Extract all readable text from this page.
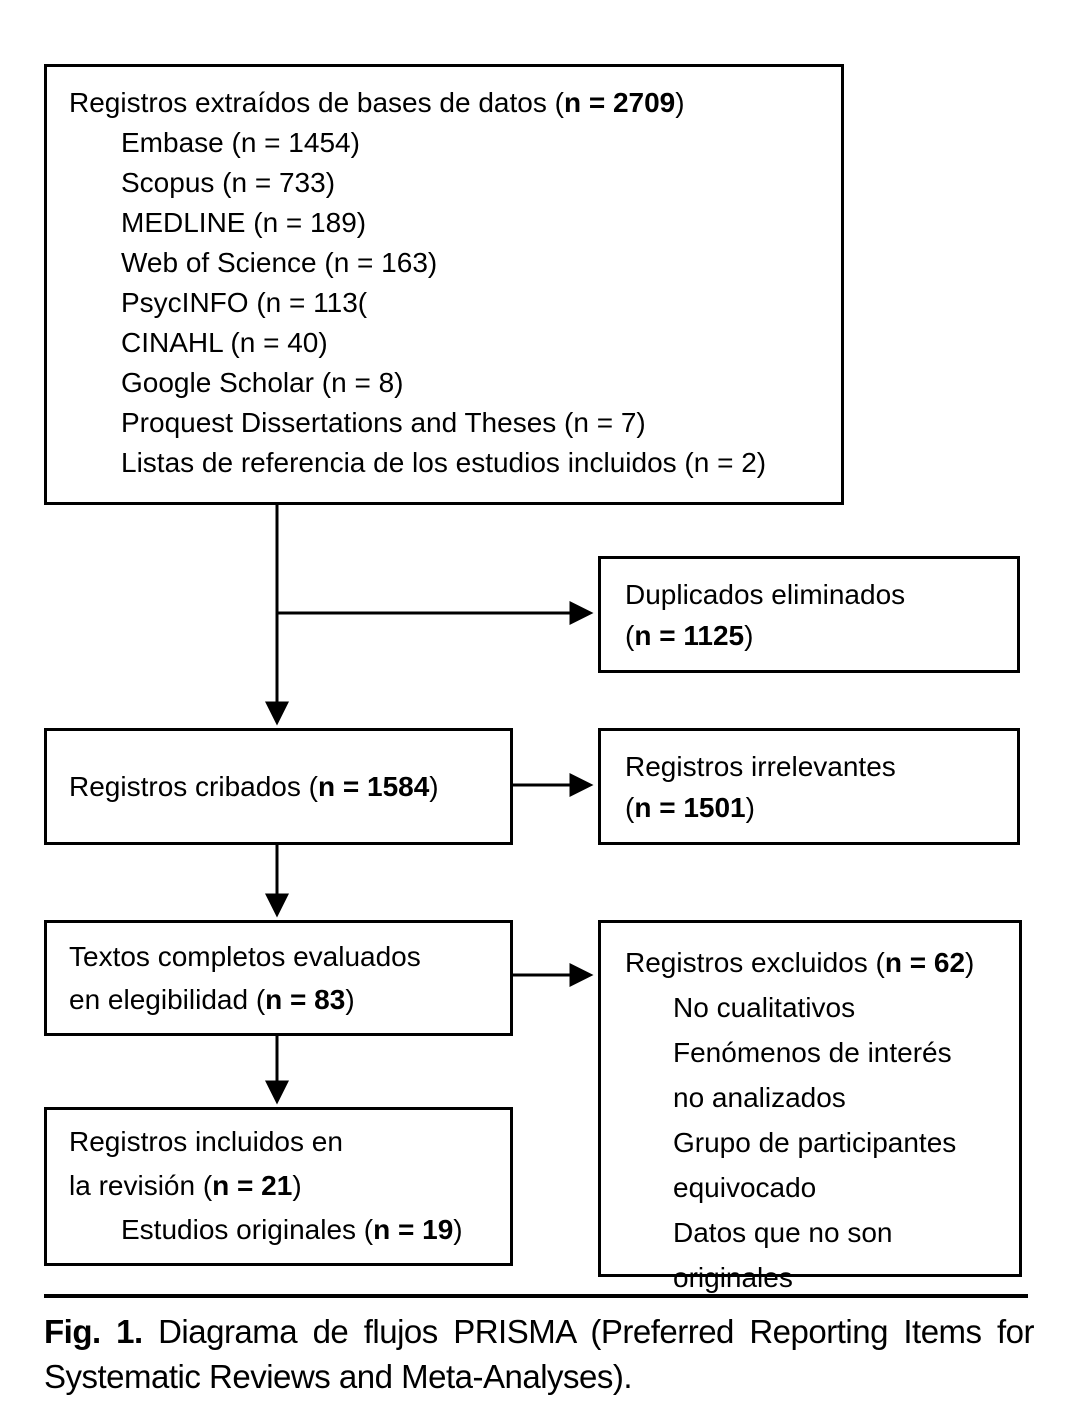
Registros extraídos de bases de datos (n = 2709)
Embase (n = 1454)
Scopus (n = 733)
MEDLINE (n = 189)
Web of Science (n = 163)
PsycINFO (n = 113(
CINAHL (n = 40)
Google Scholar (n = 8)
Proquest Dissertations and Theses (n = 7)
Listas de referencia de los estudios incluidos (n = 2)
Duplicados eliminados
(n = 1125)
Registros cribados (n = 1584)
Registros irrelevantes
(n = 1501)
Textos completos evaluados
en elegibilidad (n = 83)
Registros excluidos (n = 62)
No cualitativos
Fenómenos de interés
no analizados
Grupo de participantes
equivocado
Datos que no son
originales
Registros incluidos en
la revisión (n = 21)
Estudios originales (n = 19)
Fig. 1. Diagrama de flujos PRISMA (Preferred Reporting Items for Systematic Reviews and Meta-Analyses).
